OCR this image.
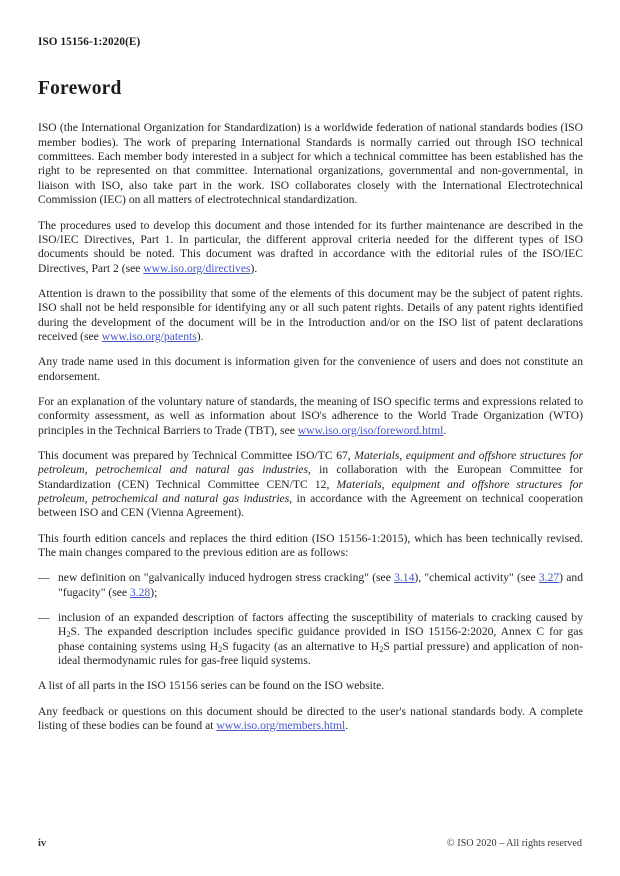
ISO 15156-1:2020(E)
Foreword

ISO (the International Organization for Standardization) is a worldwide federation of national standards bodies (ISO member bodies). The work of preparing International Standards is normally carried out through ISO technical committees. Each member body interested in a subject for which a technical committee has been established has the right to be represented on that committee. International organizations, governmental and non-governmental, in liaison with ISO, also take part in the work. ISO collaborates closely with the International Electrotechnical Commission (IEC) on all matters of electrotechnical standardization.

The procedures used to develop this document and those intended for its further maintenance are described in the ISO/IEC Directives, Part 1. In particular, the different approval criteria needed for the different types of ISO documents should be noted. This document was drafted in accordance with the editorial rules of the ISO/IEC Directives, Part 2 (see www.iso.org/directives).

Attention is drawn to the possibility that some of the elements of this document may be the subject of patent rights. ISO shall not be held responsible for identifying any or all such patent rights. Details of any patent rights identified during the development of the document will be in the Introduction and/or on the ISO list of patent declarations received (see www.iso.org/patents).

Any trade name used in this document is information given for the convenience of users and does not constitute an endorsement.

For an explanation of the voluntary nature of standards, the meaning of ISO specific terms and expressions related to conformity assessment, as well as information about ISO's adherence to the World Trade Organization (WTO) principles in the Technical Barriers to Trade (TBT), see www.iso.org/iso/foreword.html.

This document was prepared by Technical Committee ISO/TC 67, Materials, equipment and offshore structures for petroleum, petrochemical and natural gas industries, in collaboration with the European Committee for Standardization (CEN) Technical Committee CEN/TC 12, Materials, equipment and offshore structures for petroleum, petrochemical and natural gas industries, in accordance with the Agreement on technical cooperation between ISO and CEN (Vienna Agreement).

This fourth edition cancels and replaces the third edition (ISO 15156-1:2015), which has been technically revised. The main changes compared to the previous edition are as follows:

— new definition on "galvanically induced hydrogen stress cracking" (see 3.14), "chemical activity" (see 3.27) and "fugacity" (see 3.28);
— inclusion of an expanded description of factors affecting the susceptibility of materials to cracking caused by $H_2S$. The expanded description includes specific guidance provided in ISO 15156-2:2020, Annex C for gas phase containing systems using $H_2S$ fugacity (as an alternative to $H_2S$ partial pressure) and application of non-ideal thermodynamic rules for gas-free liquid systems.

A list of all parts in the ISO 15156 series can be found on the ISO website.

Any feedback or questions on this document should be directed to the user's national standards body. A complete listing of these bodies can be found at www.iso.org/members.html.

iv	© ISO 2020 – All rights reserved
